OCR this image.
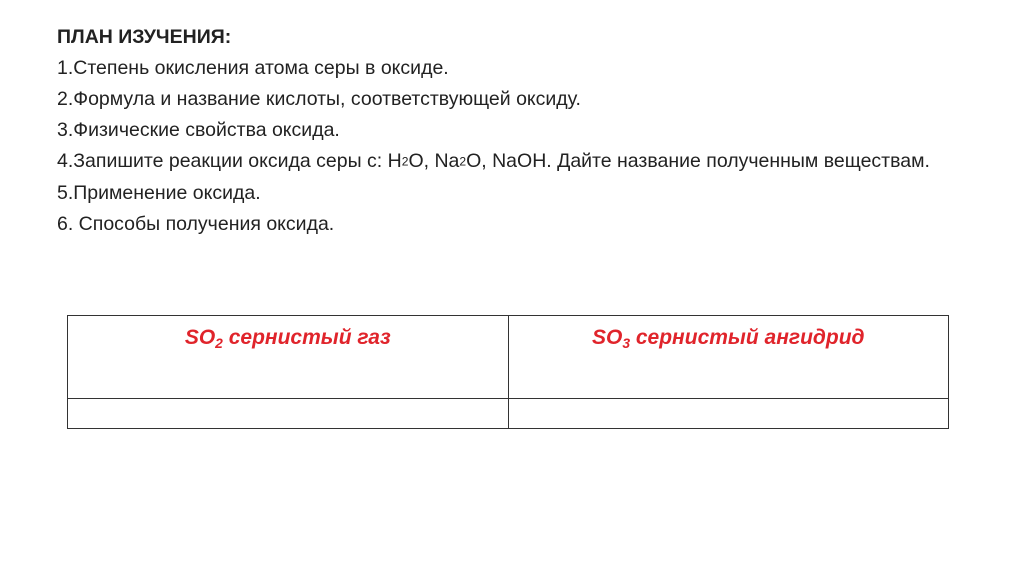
ПЛАН ИЗУЧЕНИЯ:
1.Степень окисления атома серы в оксиде.
2.Формула и название кислоты, соответствующей оксиду.
3.Физические свойства оксида.
4.Запишите реакции оксида серы с: H2O, Na2O, NaOH. Дайте название полученным веществам.
5.Применение оксида.
6. Способы получения оксида.
SO2 сернистый газ	SO3 сернистый ангидрид
